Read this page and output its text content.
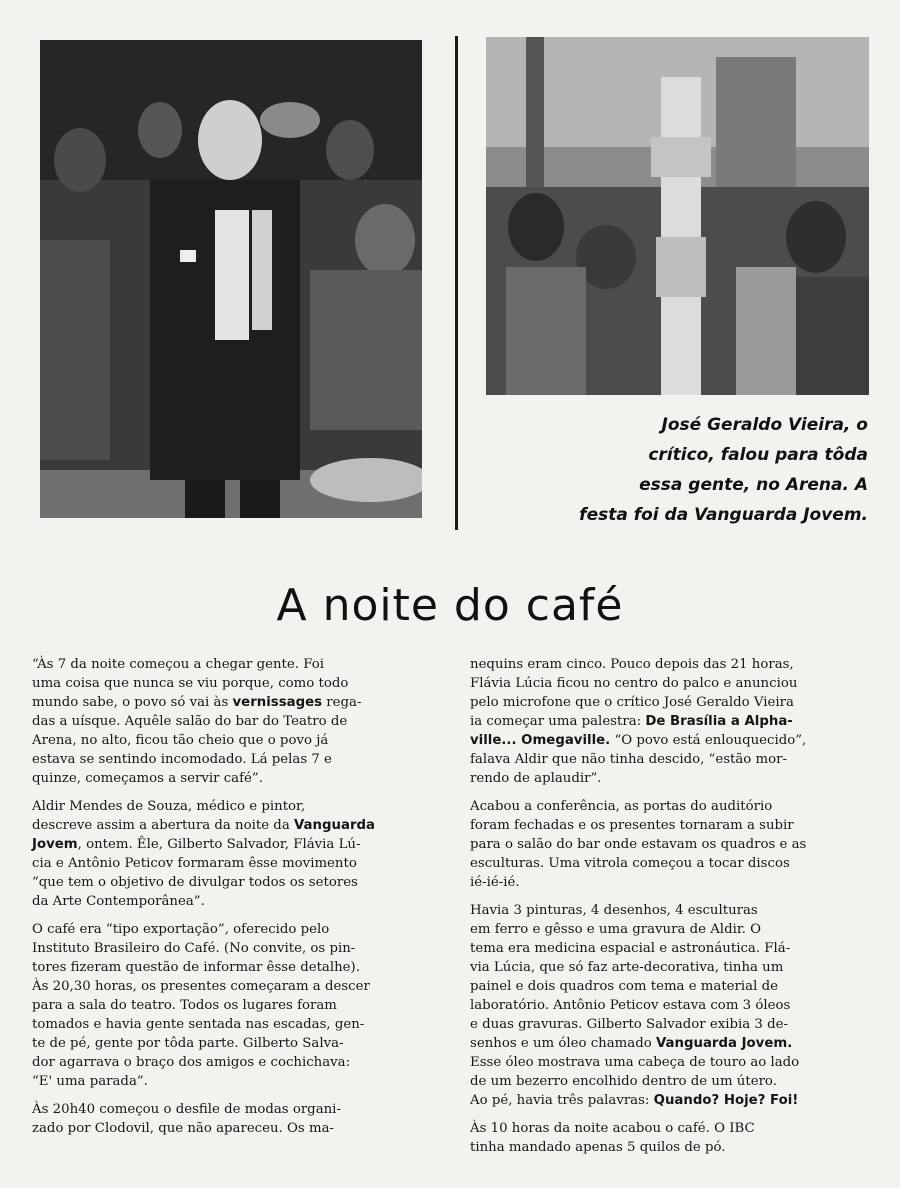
José Geraldo Vieira, o
crítico, falou para tôda
essa gente, no Arena. A
festa foi da Vanguarda Jovem.
A noite do café
“Às 7 da noite começou a chegar gente. Foi
uma coisa que nunca se viu porque, como todo
mundo sabe, o povo só vai às vernissages rega-
das a uísque. Aquêle salão do bar do Teatro de
Arena, no alto, ficou tão cheio que o povo já
estava se sentindo incomodado. Lá pelas 7 e
quinze, começamos a servir café”.
Aldir Mendes de Souza, médico e pintor,
descreve assim a abertura da noite da Vanguarda
Jovem, ontem. Êle, Gilberto Salvador, Flávia Lú-
cia e Antônio Peticov formaram êsse movimento
“que tem o objetivo de divulgar todos os setores
da Arte Contemporânea”.
O café era “tipo exportação”, oferecido pelo
Instituto Brasileiro do Café. (No convite, os pin-
tores fizeram questão de informar êsse detalhe).
Às 20,30 horas, os presentes começaram a descer
para a sala do teatro. Todos os lugares foram
tomados e havia gente sentada nas escadas, gen-
te de pé, gente por tôda parte. Gilberto Salva-
dor agarrava o braço dos amigos e cochichava:
“E' uma parada”.
Às 20h40 começou o desfile de modas organi-
zado por Clodovil, que não apareceu. Os ma-
nequins eram cinco. Pouco depois das 21 horas,
Flávia Lúcia ficou no centro do palco e anunciou
pelo microfone que o crítico José Geraldo Vieira
ia começar uma palestra: De Brasília a Alpha-
ville... Omegaville. “O povo está enlouquecido”,
falava Aldir que não tinha descido, “estão mor-
rendo de aplaudir”.
Acabou a conferência, as portas do auditório
foram fechadas e os presentes tornaram a subir
para o salão do bar onde estavam os quadros e as
esculturas. Uma vitrola começou a tocar discos
ié-ié-ié.
Havia 3 pinturas, 4 desenhos, 4 esculturas
em ferro e gêsso e uma gravura de Aldir. O
tema era medicina espacial e astronáutica. Flá-
via Lúcia, que só faz arte-decorativa, tinha um
painel e dois quadros com tema e material de
laboratório. Antônio Peticov estava com 3 óleos
e duas gravuras. Gilberto Salvador exibia 3 de-
senhos e um óleo chamado Vanguarda Jovem.
Esse óleo mostrava uma cabeça de touro ao lado
de um bezerro encolhido dentro de um útero.
Ao pé, havia três palavras: Quando? Hoje? Foi!
Às 10 horas da noite acabou o café. O IBC
tinha mandado apenas 5 quilos de pó.
